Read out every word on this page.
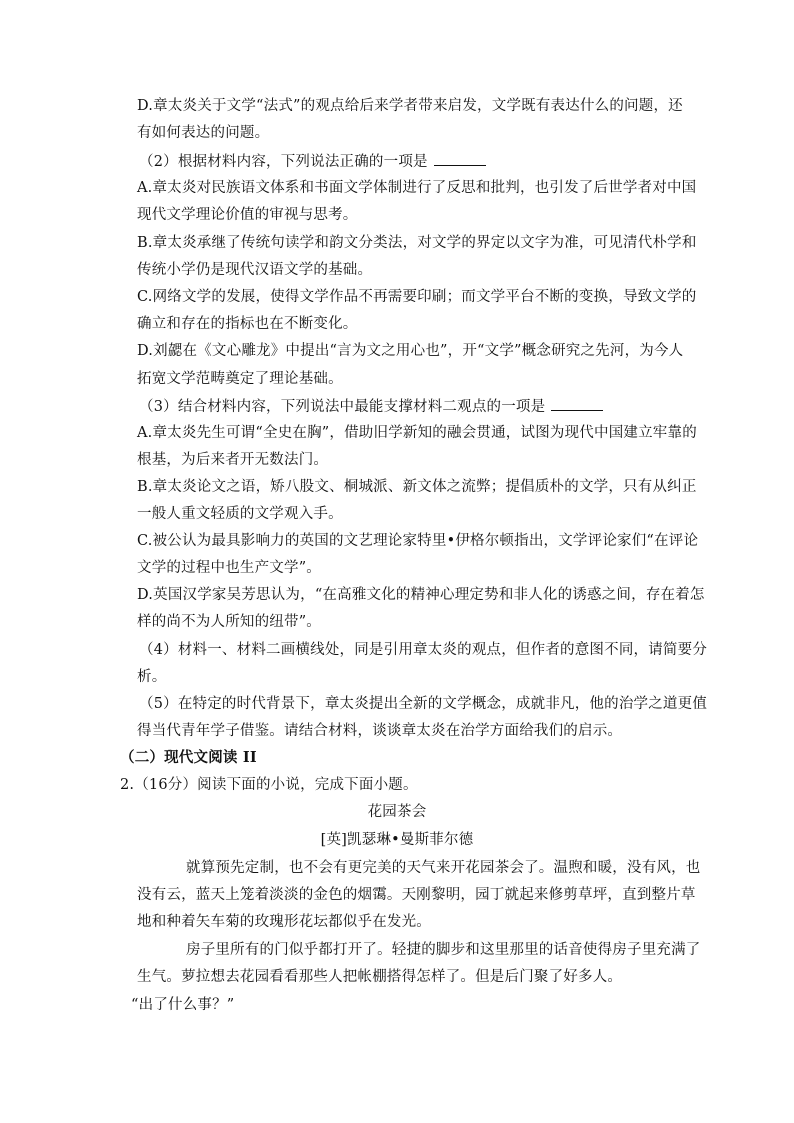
D.章太炎关于文学“法式”的观点给后来学者带来启发，文学既有表达什么的问题，还
有如何表达的问题。
（2）根据材料内容，下列说法正确的一项是
A.章太炎对民族语文体系和书面文学体制进行了反思和批判，也引发了后世学者对中国
现代文学理论价值的审视与思考。
B.章太炎承继了传统句读学和韵文分类法，对文学的界定以文字为准，可见清代朴学和
传统小学仍是现代汉语文学的基础。
C.网络文学的发展，使得文学作品不再需要印刷；而文学平台不断的变换，导致文学的
确立和存在的指标也在不断变化。
D.刘勰在《文心雕龙》中提出“言为文之用心也”，开“文学”概念研究之先河，为今人
拓宽文学范畴奠定了理论基础。
（3）结合材料内容，下列说法中最能支撑材料二观点的一项是
A.章太炎先生可谓“全史在胸”，借助旧学新知的融会贯通，试图为现代中国建立牢靠的
根基，为后来者开无数法门。
B.章太炎论文之语，矫八股文、桐城派、新文体之流弊；提倡质朴的文学，只有从纠正
一般人重文轻质的文学观入手。
C.被公认为最具影响力的英国的文艺理论家特里•伊格尔顿指出，文学评论家们“在评论
文学的过程中也生产文学”。
D.英国汉学家吴芳思认为，“在高雅文化的精神心理定势和非人化的诱惑之间，存在着怎
样的尚不为人所知的纽带”。
（4）材料一、材料二画横线处，同是引用章太炎的观点，但作者的意图不同，请简要分
析。
（5）在特定的时代背景下，章太炎提出全新的文学概念，成就非凡，他的治学之道更值
得当代青年学子借鉴。请结合材料，谈谈章太炎在治学方面给我们的启示。
（二）现代文阅读 II
2.（16分）阅读下面的小说，完成下面小题。
花园茶会
[英]凯瑟琳•曼斯菲尔德
就算预先定制，也不会有更完美的天气来开花园茶会了。温煦和暖，没有风，也
没有云，蓝天上笼着淡淡的金色的烟霭。天刚黎明，园丁就起来修剪草坪，直到整片草
地和种着矢车菊的玫瑰形花坛都似乎在发光。
房子里所有的门似乎都打开了。轻捷的脚步和这里那里的话音使得房子里充满了
生气。萝拉想去花园看看那些人把帐棚搭得怎样了。但是后门聚了好多人。
“出了什么事？”
